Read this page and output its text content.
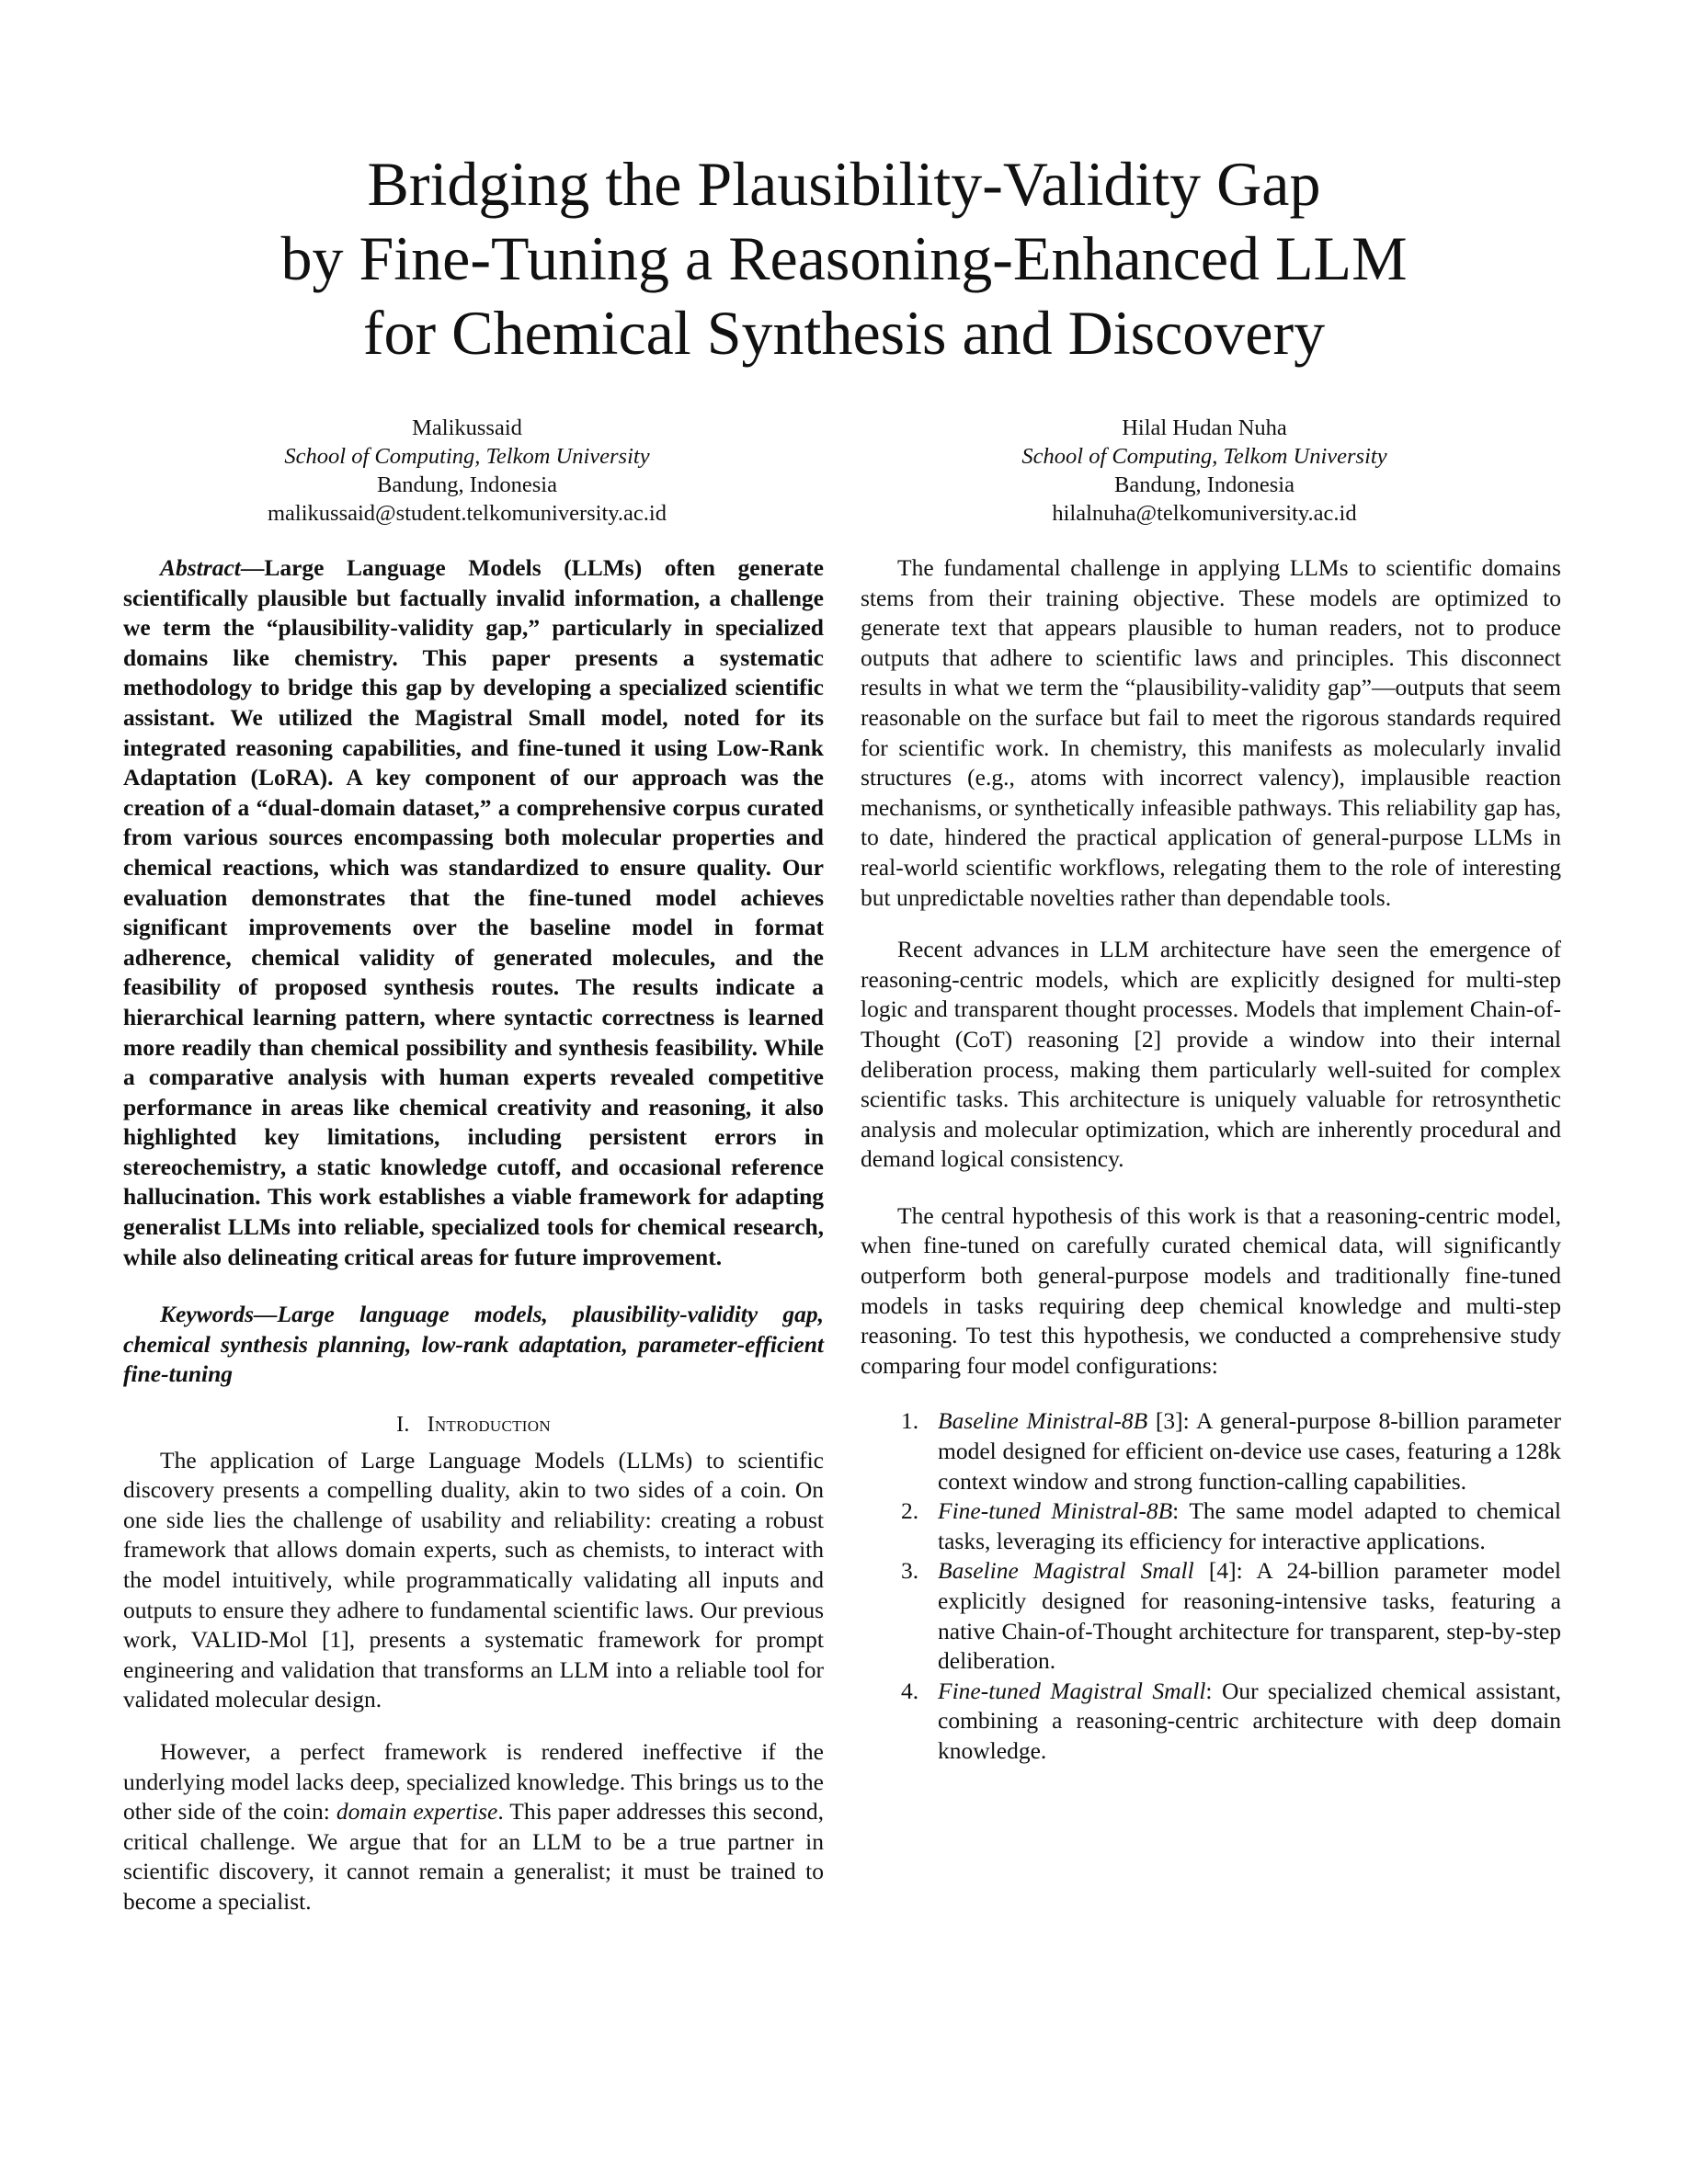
Bridging the Plausibility-Validity Gap
by Fine-Tuning a Reasoning-Enhanced LLM
for Chemical Synthesis and Discovery
Malikussaid
School of Computing, Telkom University
Bandung, Indonesia
malikussaid@student.telkomuniversity.ac.id
Hilal Hudan Nuha
School of Computing, Telkom University
Bandung, Indonesia
hilalnuha@telkomuniversity.ac.id

Abstract—Large Language Models (LLMs) often generate scientifically plausible but factually invalid information, a challenge we term the “plausibility-validity gap,” particularly in specialized domains like chemistry. This paper presents a systematic methodology to bridge this gap by developing a specialized scientific assistant. We utilized the Magistral Small model, noted for its integrated reasoning capabilities, and fine-tuned it using Low-Rank Adaptation (LoRA). A key component of our approach was the creation of a “dual-domain dataset,” a comprehensive corpus curated from various sources encompassing both molecular properties and chemical reactions, which was standardized to ensure quality. Our evaluation demonstrates that the fine-tuned model achieves significant improvements over the baseline model in format adherence, chemical validity of generated molecules, and the feasibility of proposed synthesis routes. The results indicate a hierarchical learning pattern, where syntactic correctness is learned more readily than chemical possibility and synthesis feasibility. While a comparative analysis with human experts revealed competitive performance in areas like chemical creativity and reasoning, it also highlighted key limitations, including persistent errors in stereochemistry, a static knowledge cutoff, and occasional reference hallucination. This work establishes a viable framework for adapting generalist LLMs into reliable, specialized tools for chemical research, while also delineating critical areas for future improvement.

Keywords—Large language models, plausibility-validity gap, chemical synthesis planning, low-rank adaptation, parameter-efficient fine-tuning

I. Introduction

The application of Large Language Models (LLMs) to scientific discovery presents a compelling duality, akin to two sides of a coin. On one side lies the challenge of usability and reliability: creating a robust framework that allows domain experts, such as chemists, to interact with the model intuitively, while programmatically validating all inputs and outputs to ensure they adhere to fundamental scientific laws. Our previous work, VALID-Mol [1], presents a systematic framework for prompt engineering and validation that transforms an LLM into a reliable tool for validated molecular design.

However, a perfect framework is rendered ineffective if the underlying model lacks deep, specialized knowledge. This brings us to the other side of the coin: domain expertise. This paper addresses this second, critical challenge. We argue that for an LLM to be a true partner in scientific discovery, it cannot remain a generalist; it must be trained to become a specialist.

The fundamental challenge in applying LLMs to scientific domains stems from their training objective. These models are optimized to generate text that appears plausible to human readers, not to produce outputs that adhere to scientific laws and principles. This disconnect results in what we term the “plausibility-validity gap”—outputs that seem reasonable on the surface but fail to meet the rigorous standards required for scientific work. In chemistry, this manifests as molecularly invalid structures (e.g., atoms with incorrect valency), implausible reaction mechanisms, or synthetically infeasible pathways. This reliability gap has, to date, hindered the practical application of general-purpose LLMs in real-world scientific workflows, relegating them to the role of interesting but unpredictable novelties rather than dependable tools.

Recent advances in LLM architecture have seen the emergence of reasoning-centric models, which are explicitly designed for multi-step logic and transparent thought processes. Models that implement Chain-of-Thought (CoT) reasoning [2] provide a window into their internal deliberation process, making them particularly well-suited for complex scientific tasks. This architecture is uniquely valuable for retrosynthetic analysis and molecular optimization, which are inherently procedural and demand logical consistency.

The central hypothesis of this work is that a reasoning-centric model, when fine-tuned on carefully curated chemical data, will significantly outperform both general-purpose models and traditionally fine-tuned models in tasks requiring deep chemical knowledge and multi-step reasoning. To test this hypothesis, we conducted a comprehensive study comparing four model configurations:

1. Baseline Ministral-8B [3]: A general-purpose 8-billion parameter model designed for efficient on-device use cases, featuring a 128k context window and strong function-calling capabilities.
2. Fine-tuned Ministral-8B: The same model adapted to chemical tasks, leveraging its efficiency for interactive applications.
3. Baseline Magistral Small [4]: A 24-billion parameter model explicitly designed for reasoning-intensive tasks, featuring a native Chain-of-Thought architecture for transparent, step-by-step deliberation.
4. Fine-tuned Magistral Small: Our specialized chemical assistant, combining a reasoning-centric architecture with deep domain knowledge.
